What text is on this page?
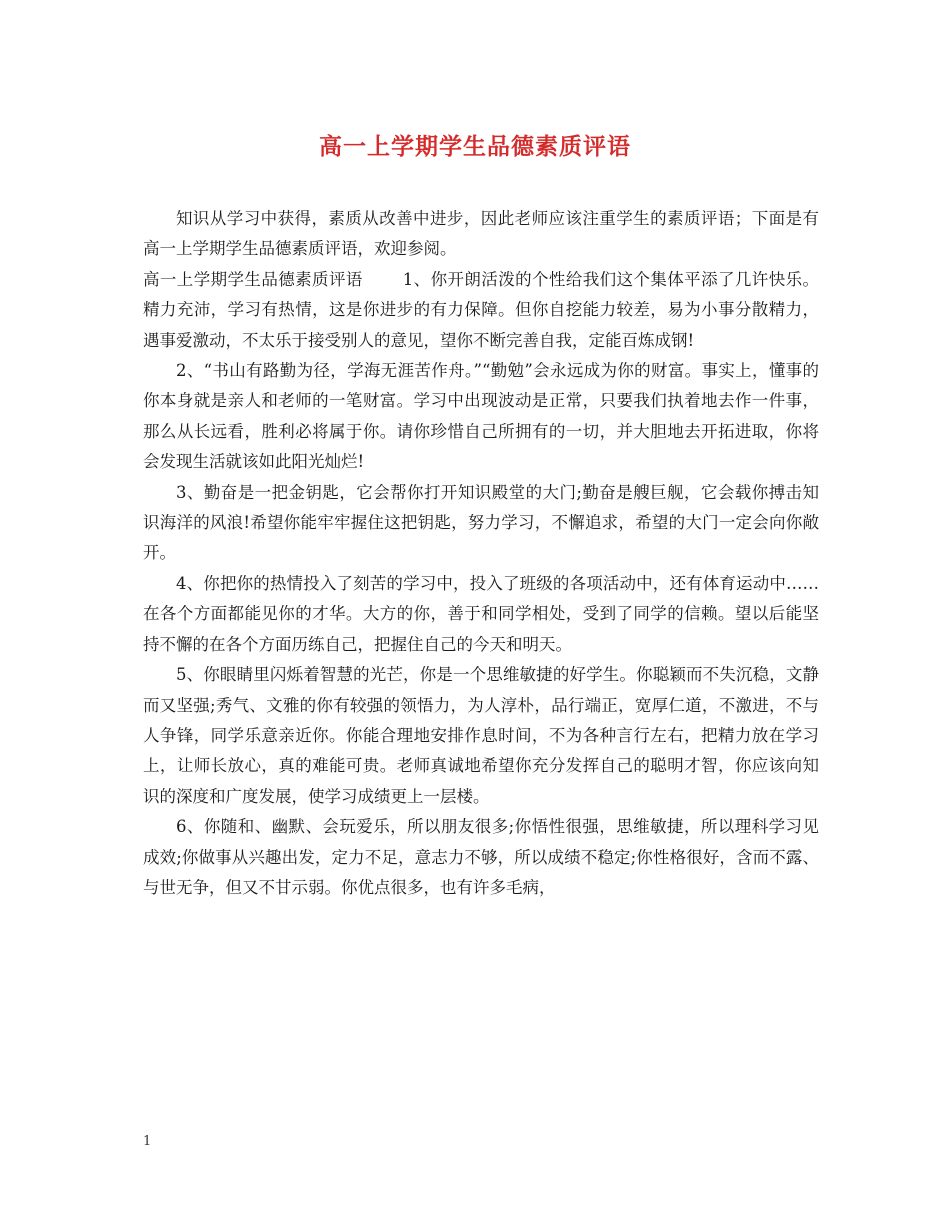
高一上学期学生品德素质评语

知识从学习中获得，素质从改善中进步，因此老师应该注重学生的素质评语；下面是有高一上学期学生品德素质评语，欢迎参阅。

高一上学期学生品德素质评语 1、你开朗活泼的个性给我们这个集体平添了几许快乐。精力充沛，学习有热情，这是你进步的有力保障。但你自挖能力较差，易为小事分散精力，遇事爱激动，不太乐于接受别人的意见，望你不断完善自我，定能百炼成钢!

2、“书山有路勤为径，学海无涯苦作舟。”“勤勉”会永远成为你的财富。事实上，懂事的你本身就是亲人和老师的一笔财富。学习中出现波动是正常，只要我们执着地去作一件事，那么从长远看，胜利必将属于你。请你珍惜自己所拥有的一切，并大胆地去开拓进取，你将会发现生活就该如此阳光灿烂!

3、勤奋是一把金钥匙，它会帮你打开知识殿堂的大门;勤奋是艘巨舰，它会载你搏击知识海洋的风浪!希望你能牢牢握住这把钥匙，努力学习，不懈追求，希望的大门一定会向你敞开。

4、你把你的热情投入了刻苦的学习中，投入了班级的各项活动中，还有体育运动中……在各个方面都能见你的才华。大方的你，善于和同学相处，受到了同学的信赖。望以后能坚持不懈的在各个方面历练自己，把握住自己的今天和明天。

5、你眼睛里闪烁着智慧的光芒，你是一个思维敏捷的好学生。你聪颖而不失沉稳，文静而又坚强;秀气、文雅的你有较强的领悟力，为人淳朴，品行端正，宽厚仁道，不激进，不与人争锋，同学乐意亲近你。你能合理地安排作息时间，不为各种言行左右，把精力放在学习上，让师长放心，真的难能可贵。老师真诚地希望你充分发挥自己的聪明才智，你应该向知识的深度和广度发展，使学习成绩更上一层楼。

6、你随和、幽默、会玩爱乐，所以朋友很多;你悟性很强，思维敏捷，所以理科学习见成效;你做事从兴趣出发，定力不足，意志力不够，所以成绩不稳定;你性格很好，含而不露、与世无争，但又不甘示弱。你优点很多，也有许多毛病，

1
